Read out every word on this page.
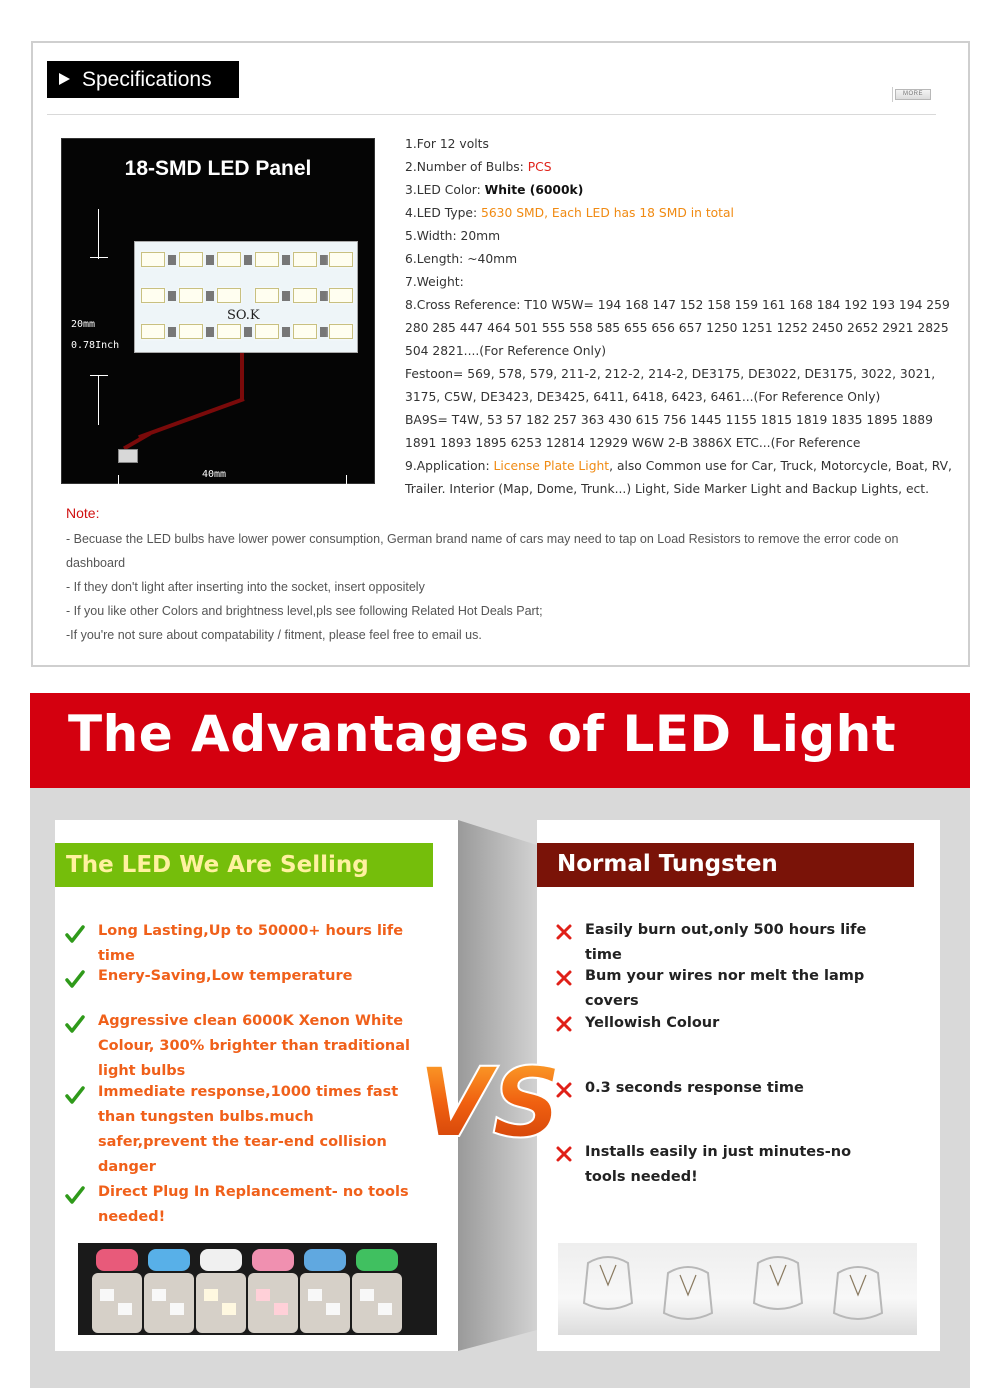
Specifications
MORE
18-SMD LED Panel
20mm
0.78Inch
SO.K
40mm
1.56Inch
1.For 12 volts
2.Number of Bulbs: PCS
3.LED Color: White (6000k)
4.LED Type: 5630 SMD, Each LED has 18 SMD in total
5.Width: 20mm
6.Length: ~40mm
7.Weight:
8.Cross Reference: T10 W5W= 194 168 147 152 158 159 161 168 184 192 193 194 259 280 285 447 464 501 555 558 585 655 656 657 1250 1251 1252 2450 2652 2921 2825 504 2821....(For Reference Only)
Festoon= 569, 578, 579, 211-2, 212-2, 214-2, DE3175, DE3022, DE3175, 3022, 3021, 3175, C5W, DE3423, DE3425, 6411, 6418, 6423, 6461...(For Reference Only)
BA9S= T4W, 53 57 182 257 363 430 615 756 1445 1155 1815 1819 1835 1895 1889 1891 1893 1895 6253 12814 12929 W6W 2-B 3886X ETC...(For Reference
9.Application: License Plate Light, also Common use for Car, Truck, Motorcycle, Boat, RV, Trailer. Interior (Map, Dome, Trunk...) Light, Side Marker Light and Backup Lights, ect.
Note:
- Becuase the LED bulbs have lower power consumption, German brand name of cars may need to tap on Load Resistors to remove the error code on dashboard
- If they don't light after inserting into the socket, insert oppositely
- If you like other Colors and brightness level,pls see following Related Hot Deals Part;
-If you're not sure about compatability / fitment, please feel free to email us.
The Advantages of LED Light
The LED We Are Selling	Normal Tungsten
Long Lasting,Up to 50000+ hours life time
Enery-Saving,Low temperature
Aggressive clean 6000K Xenon White Colour, 300% brighter than traditional light bulbs
Immediate response,1000 times fast than tungsten bulbs.much safer,prevent the tear-end collision danger
Direct Plug In Replancement- no tools needed!
Easily burn out,only 500 hours life time
Bum your wires nor melt the lamp covers
Yellowish Colour
0.3 seconds response time
Installs easily in just minutes-no tools needed!
VS
